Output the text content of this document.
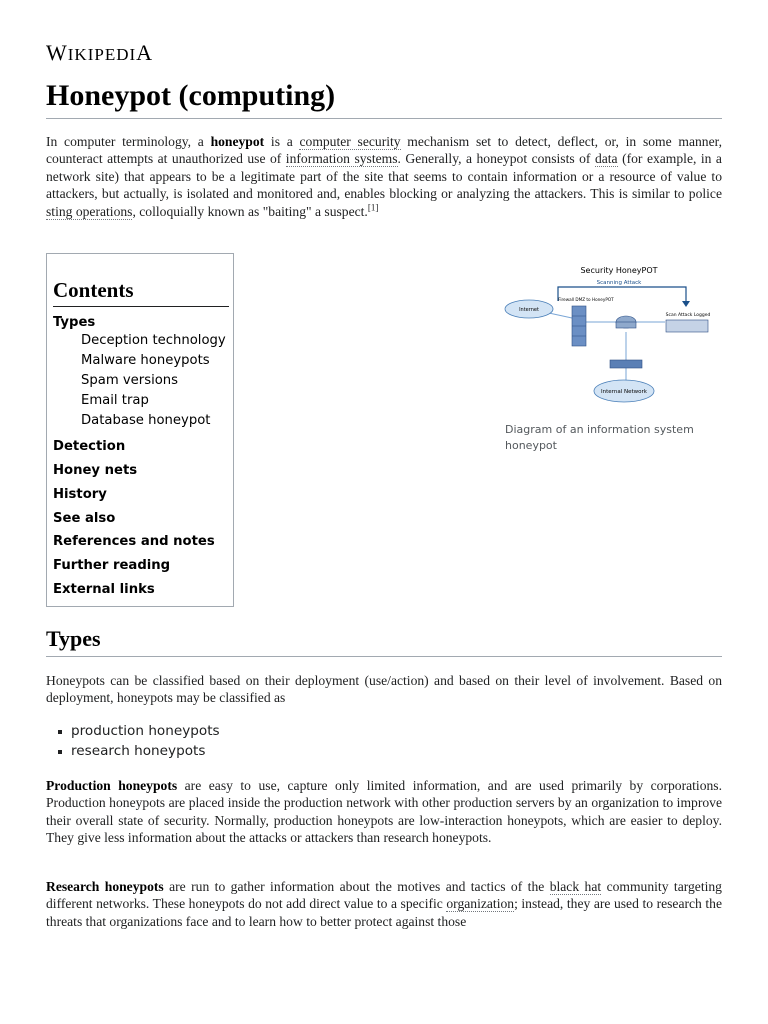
WIKIPEDIA
Honeypot (computing)

In computer terminology, a honeypot is a computer security mechanism set to detect, deflect, or, in some manner, counteract attempts at unauthorized use of information systems. Generally, a honeypot consists of data (for example, in a network site) that appears to be a legitimate part of the site that seems to contain information or a resource of value to attackers, but actually, is isolated and monitored and, enables blocking or analyzing the attackers. This is similar to police sting operations, colloquially known as "baiting" a suspect.[1]

Contents
Types
Deception technology
Malware honeypots
Spam versions
Email trap
Database honeypot
Detection
Honey nets
History
See also
References and notes
Further reading
External links
Security HoneyPOT
Scanning Attack
Internet
Firewall DMZ to HoneyPOT
Scan Attack Logged
Internal Network

Diagram of an information system honeypot

Types

Honeypots can be classified based on their deployment (use/action) and based on their level of involvement. Based on deployment, honeypots may be classified as

production honeypots
research honeypots

Production honeypots are easy to use, capture only limited information, and are used primarily by corporations. Production honeypots are placed inside the production network with other production servers by an organization to improve their overall state of security. Normally, production honeypots are low-interaction honeypots, which are easier to deploy. They give less information about the attacks or attackers than research honeypots.

Research honeypots are run to gather information about the motives and tactics of the black hat community targeting different networks. These honeypots do not add direct value to a specific organization; instead, they are used to research the threats that organizations face and to learn how to better protect against those
